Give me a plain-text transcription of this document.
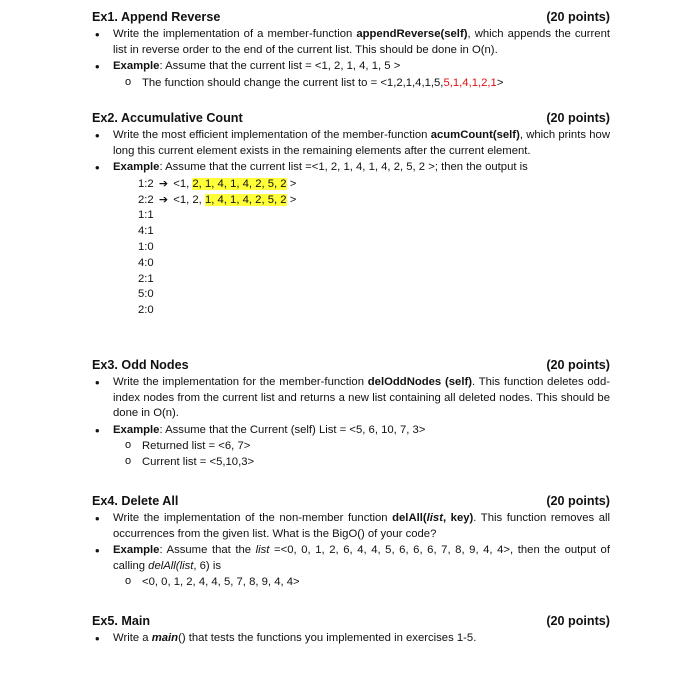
Ex1. Append Reverse	(20 points)
• Write the implementation of a member-function appendReverse(self), which appends the current list in reverse order to the end of the current list. This should be done in O(n).
• Example: Assume that the current list = <1, 2, 1, 4, 1, 5 >
o The function should change the current list to = <1,2,1,4,1,5,5,1,4,1,2,1>
Ex2. Accumulative Count	(20 points)
• Write the most efficient implementation of the member-function acumCount(self), which prints how long this current element exists in the remaining elements after the current element.
• Example: Assume that the current list =<1, 2, 1, 4, 1, 4, 2, 5, 2 >; then the output is
1:2 ➔ <1, 2, 1, 4, 1, 4, 2, 5, 2 >
2:2 ➔ <1, 2, 1, 4, 1, 4, 2, 5, 2 >
1:1
4:1
1:0
4:0
2:1
5:0
2:0
Ex3. Odd Nodes	(20 points)
• Write the implementation for the member-function delOddNodes (self). This function deletes odd-index nodes from the current list and returns a new list containing all deleted nodes. This should be done in O(n).
• Example: Assume that the Current (self) List = <5, 6, 10, 7, 3>
o Returned list = <6, 7>
o Current list = <5,10,3>
Ex4. Delete All	(20 points)
• Write the implementation of the non-member function delAll(list, key). This function removes all occurrences from the given list. What is the BigO() of your code?
• Example: Assume that the list =<0, 0, 1, 2, 6, 4, 4, 5, 6, 6, 6, 7, 8, 9, 4, 4>, then the output of calling delAll(list, 6) is
o <0, 0, 1, 2, 4, 4, 5, 7, 8, 9, 4, 4>
Ex5. Main	(20 points)
• Write a main() that tests the functions you implemented in exercises 1-5.
